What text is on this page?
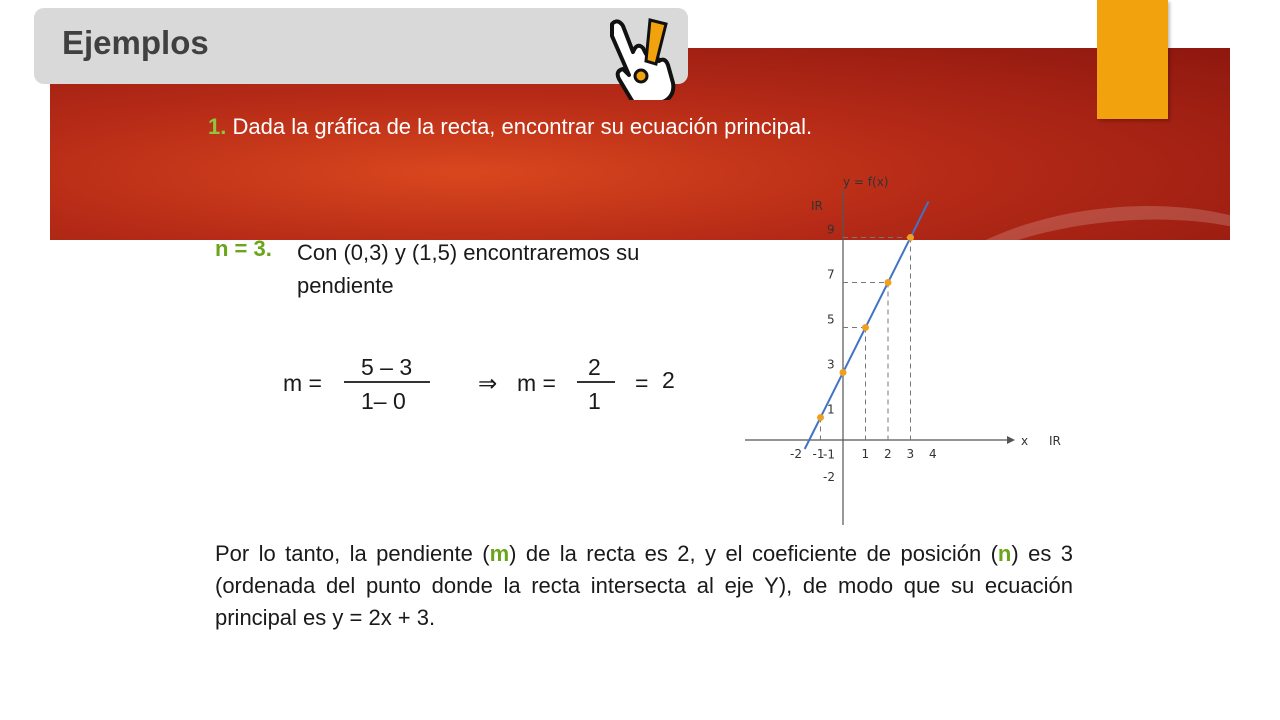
Ejemplos
1. Dada la gráfica de la recta, encontrar su ecuación principal.
n = 3. Con (0,3) y (1,5) encontraremos su pendiente
m =
5 – 3
1– 0
⇒ m =
2
1
= 2
Por lo tanto, la pendiente (m) de la recta es 2, y el coeficiente de posición (n) es 3 (ordenada del punto donde la recta intersecta al eje Y), de modo que su ecuación principal es y = 2x + 3.
y = f(x)
IR
x IR
-2 -1	1 2 3 4
9
7
5
3
1
-1
-2
